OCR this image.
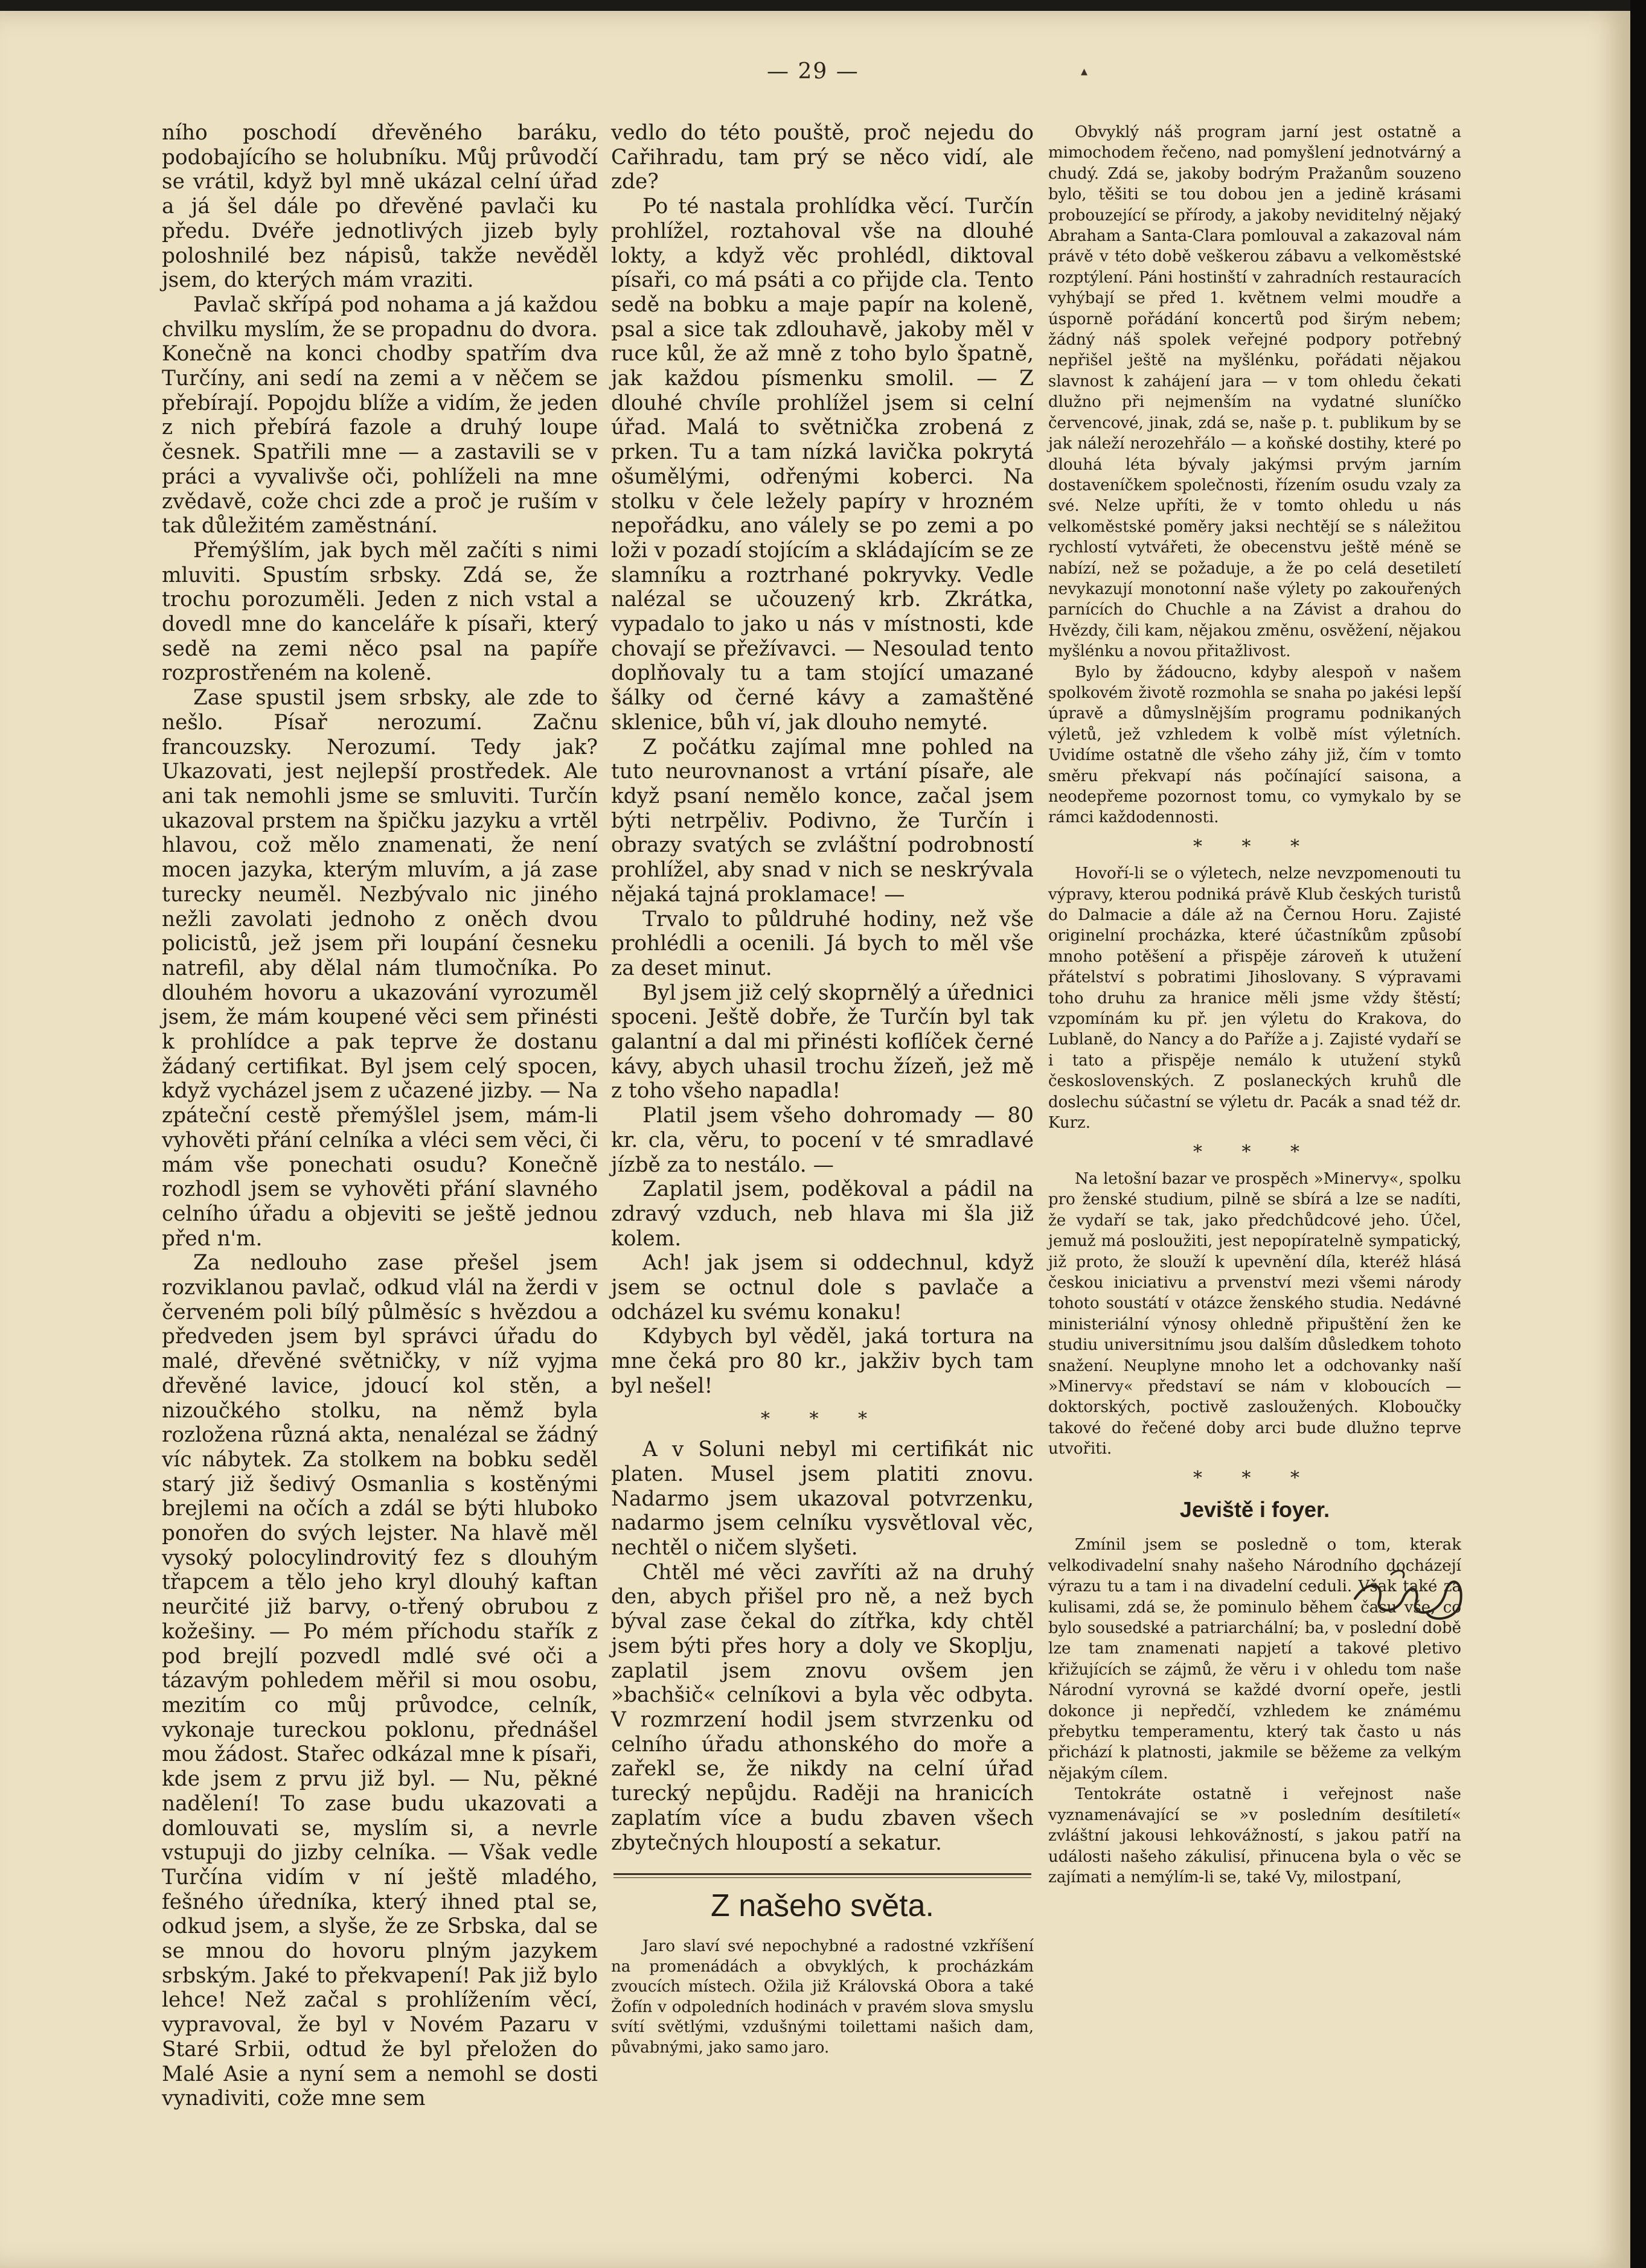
— 29 —	▴

ního poschodí dřevěného baráku, podobajícího se holubníku. Můj průvodčí se vrátil, když byl mně ukázal celní úřad a já šel dále po dřevěné pavlači ku předu. Dvéře jednotlivých jizeb byly poloshnilé bez nápisů, takže nevěděl jsem, do kterých mám vraziti.

Pavlač skřípá pod nohama a já každou chvilku myslím, že se propadnu do dvora. Konečně na konci chodby spatřím dva Turčíny, ani sedí na zemi a v něčem se přebírají. Popojdu blíže a vidím, že jeden z nich přebírá fazole a druhý loupe česnek. Spatřili mne — a zastavili se v práci a vyvalivše oči, pohlíželi na mne zvědavě, cože chci zde a proč je ruším v tak důležitém zaměstnání.

Přemýšlím, jak bych měl začíti s nimi mluviti. Spustím srbsky. Zdá se, že trochu porozuměli. Jeden z nich vstal a dovedl mne do kanceláře k písaři, který sedě na zemi něco psal na papíře rozprostřeném na koleně.

Zase spustil jsem srbsky, ale zde to nešlo. Písař nerozumí. Začnu francouzsky. Nerozumí. Tedy jak? Ukazovati, jest nejlepší prostředek. Ale ani tak nemohli jsme se smluviti. Turčín ukazoval prstem na špičku jazyku a vrtěl hlavou, což mělo znamenati, že není mocen jazyka, kterým mluvím, a já zase turecky neuměl. Nezbývalo nic jiného nežli zavolati jednoho z oněch dvou policistů, jež jsem při loupání česneku natrefil, aby dělal nám tlumočníka. Po dlouhém hovoru a ukazování vyrozuměl jsem, že mám koupené věci sem přinésti k prohlídce a pak teprve že dostanu žádaný certifikat. Byl jsem celý spocen, když vycházel jsem z učazené jizby. — Na zpáteční cestě přemýšlel jsem, mám-li vyhověti přání celníka a vléci sem věci, či mám vše ponechati osudu? Konečně rozhodl jsem se vyhověti přání slavného celního úřadu a objeviti se ještě jednou před n'm.

Za nedlouho zase přešel jsem rozviklanou pavlač, odkud vlál na žerdi v červeném poli bílý půlměsíc s hvězdou a předveden jsem byl správci úřadu do malé, dřevěné světničky, v níž vyjma dřevěné lavice, jdoucí kol stěn, a nizoučkého stolku, na němž byla rozložena různá akta, nenalézal se žádný víc nábytek. Za stolkem na bobku seděl starý již šedivý Osmanlia s kostěnými brejlemi na očích a zdál se býti hluboko ponořen do svých lejster. Na hlavě měl vysoký polocylindrovitý fez s dlouhým třapcem a tělo jeho kryl dlouhý kaftan neurčité již barvy, o-třený obrubou z kožešiny. — Po mém příchodu stařík z pod brejlí pozvedl mdlé své oči a tázavým pohledem měřil si mou osobu, mezitím co můj průvodce, celník, vykonaje tureckou poklonu, přednášel mou žádost. Stařec odkázal mne k písaři, kde jsem z prvu již byl. — Nu, pěkné nadělení! To zase budu ukazovati a domlouvati se, myslím si, a nevrle vstupuji do jizby celníka. — Však vedle Turčína vidím v ní ještě mladého, fešného úředníka, který ihned ptal se, odkud jsem, a slyše, že ze Srbska, dal se se mnou do hovoru plným jazykem srbským. Jaké to překvapení! Pak již bylo lehce! Než začal s prohlížením věcí, vypravoval, že byl v Novém Pazaru v Staré Srbii, odtud že byl přeložen do Malé Asie a nyní sem a nemohl se dosti vynadiviti, cože mne sem

vedlo do této pouště, proč nejedu do Cařihradu, tam prý se něco vidí, ale zde?

Po té nastala prohlídka věcí. Turčín prohlížel, roztahoval vše na dlouhé lokty, a když věc prohlédl, diktoval písaři, co má psáti a co přijde cla. Tento sedě na bobku a maje papír na koleně, psal a sice tak zdlouhavě, jakoby měl v ruce kůl, že až mně z toho bylo špatně, jak každou písmenku smolil. — Z dlouhé chvíle prohlížel jsem si celní úřad. Malá to světnička zrobená z prken. Tu a tam nízká lavička pokrytá ošumělými, odřenými koberci. Na stolku v čele ležely papíry v hrozném nepořádku, ano válely se po zemi a po loži v pozadí stojícím a skládajícím se ze slamníku a roztrhané pokryvky. Vedle nalézal se učouzený krb. Zkrátka, vypadalo to jako u nás v místnosti, kde chovají se přežívavci. — Nesoulad tento doplňovaly tu a tam stojící umazané šálky od černé kávy a zamaštěné sklenice, bůh ví, jak dlouho nemyté.

Z počátku zajímal mne pohled na tuto neurovnanost a vrtání písaře, ale když psaní nemělo konce, začal jsem býti netrpěliv. Podivno, že Turčín i obrazy svatých se zvláštní podrobností prohlížel, aby snad v nich se neskrývala nějaká tajná proklamace! —

Trvalo to půldruhé hodiny, než vše prohlédli a ocenili. Já bych to měl vše za deset minut.

Byl jsem již celý skoprnělý a úřednici spoceni. Ještě dobře, že Turčín byl tak galantní a dal mi přinésti koflíček černé kávy, abych uhasil trochu žízeň, jež mě z toho všeho napadla!

Platil jsem všeho dohromady — 80 kr. cla, věru, to pocení v té smradlavé jízbě za to nestálo. —

Zaplatil jsem, poděkoval a pádil na zdravý vzduch, neb hlava mi šla již kolem.

Ach! jak jsem si oddechnul, když jsem se octnul dole s pavlače a odcházel ku svému konaku!

Kdybych byl věděl, jaká tortura na mne čeká pro 80 kr., jakživ bych tam byl nešel!

* * *

A v Soluni nebyl mi certifikát nic platen. Musel jsem platiti znovu. Nadarmo jsem ukazoval potvrzenku, nadarmo jsem celníku vysvětloval věc, nechtěl o ničem slyšeti.

Chtěl mé věci zavříti až na druhý den, abych přišel pro ně, a než bych býval zase čekal do zítřka, kdy chtěl jsem býti přes hory a doly ve Skoplju, zaplatil jsem znovu ovšem jen »bachšič« celníkovi a byla věc odbyta. V rozmrzení hodil jsem stvrzenku od celního úřadu athonského do moře a zařekl se, že nikdy na celní úřad turecký nepůjdu. Raději na hranicích zaplatím více a budu zbaven všech zbytečných hloupostí a sekatur.

Z našeho světa.

Jaro slaví své nepochybné a radostné vzkříšení na promenádách a obvyklých, k procházkám zvoucích místech. Ožila již Královská Obora a také Žofín v odpoledních hodinách v pravém slova smyslu svítí světlými, vzdušnými toilettami našich dam, půvabnými, jako samo jaro.

Obvyklý náš program jarní jest ostatně a mimochodem řečeno, nad pomyšlení jednotvárný a chudý. Zdá se, jakoby bodrým Pražanům souzeno bylo, těšiti se tou dobou jen a jedině krásami probouzející se přírody, a jakoby neviditelný nějaký Abraham a Santa-Clara pomlouval a zakazoval nám právě v této době veškerou zábavu a velkoměstské rozptýlení. Páni hostinští v zahradních restauracích vyhýbají se před 1. květnem velmi moudře a úsporně pořádání koncertů pod širým nebem; žádný náš spolek veřejné podpory potřebný nepřišel ještě na myšlénku, pořádati nějakou slavnost k zahájení jara — v tom ohledu čekati dlužno při nejmenším na vydatné sluníčko červencové, jinak, zdá se, naše p. t. publikum by se jak náleží nerozehřálo — a koňské dostihy, které po dlouhá léta bývaly jakýmsi prvým jarním dostaveníčkem společnosti, řízením osudu vzaly za své. Nelze upříti, že v tomto ohledu u nás velkoměstské poměry jaksi nechtějí se s náležitou rychlostí vytvářeti, že obecenstvu ještě méně se nabízí, než se požaduje, a že po celá desetiletí nevykazují monotonní naše výlety po zakouřených parnících do Chuchle a na Závist a drahou do Hvězdy, čili kam, nějakou změnu, osvěžení, nějakou myšlénku a novou přitažlivost.

Bylo by žádoucno, kdyby alespoň v našem spolkovém životě rozmohla se snaha po jakési lepší úpravě a důmyslnějším programu podnikaných výletů, jež vzhledem k volbě míst výletních. Uvidíme ostatně dle všeho záhy již, čím v tomto směru překvapí nás počínající saisona, a neodepřeme pozornost tomu, co vymykalo by se rámci každodennosti.

* * *

Hovoří-li se o výletech, nelze nevzpomenouti tu výpravy, kterou podniká právě Klub českých turistů do Dalmacie a dále až na Černou Horu. Zajisté originelní procházka, které účastníkům způsobí mnoho potěšení a přispěje zároveň k utužení přátelství s pobratimi Jihoslovany. S výpravami toho druhu za hranice měli jsme vždy štěstí; vzpomínám ku př. jen výletu do Krakova, do Lublaně, do Nancy a do Paříže a j. Zajisté vydaří se i tato a přispěje nemálo k utužení styků československých. Z poslaneckých kruhů dle doslechu súčastní se výletu dr. Pacák a snad též dr. Kurz.

* * *

Na letošní bazar ve prospěch »Minervy«, spolku pro ženské studium, pilně se sbírá a lze se nadíti, že vydaří se tak, jako předchůdcové jeho. Účel, jemuž má posloužiti, jest nepopíratelně sympatický, již proto, že slouží k upevnění díla, kteréž hlásá českou iniciativu a prvenství mezi všemi národy tohoto soustátí v otázce ženského studia. Nedávné ministeriální výnosy ohledně připuštění žen ke studiu universitnímu jsou dalším důsledkem tohoto snažení. Neuplyne mnoho let a odchovanky naší »Minervy« představí se nám v kloboucích — doktorských, poctivě zasloužených. Kloboučky takové do řečené doby arci bude dlužno teprve utvořiti.

* * *
Jeviště i foyer.

Zmínil jsem se posledně o tom, kterak velkodivadelní snahy našeho Národního docházejí výrazu tu a tam i na divadelní ceduli. Však také za kulisami, zdá se, že pominulo během času vše, co bylo sousedské a patriarchální; ba, v poslední době lze tam znamenati napjetí a takové pletivo křižujících se zájmů, že věru i v ohledu tom naše Národní vyrovná se každé dvorní opeře, jestli dokonce ji nepředčí, vzhledem ke známému přebytku temperamentu, který tak často u nás přichází k platnosti, jakmile se běžeme za velkým nějakým cílem.

Tentokráte ostatně i veřejnost naše vyznamenávající se »v posledním desítiletí« zvláštní jakousi lehkovážností, s jakou patří na události našeho zákulisí, přinucena byla o věc se zajímati a nemýlím-li se, také Vy, milostpaní,
